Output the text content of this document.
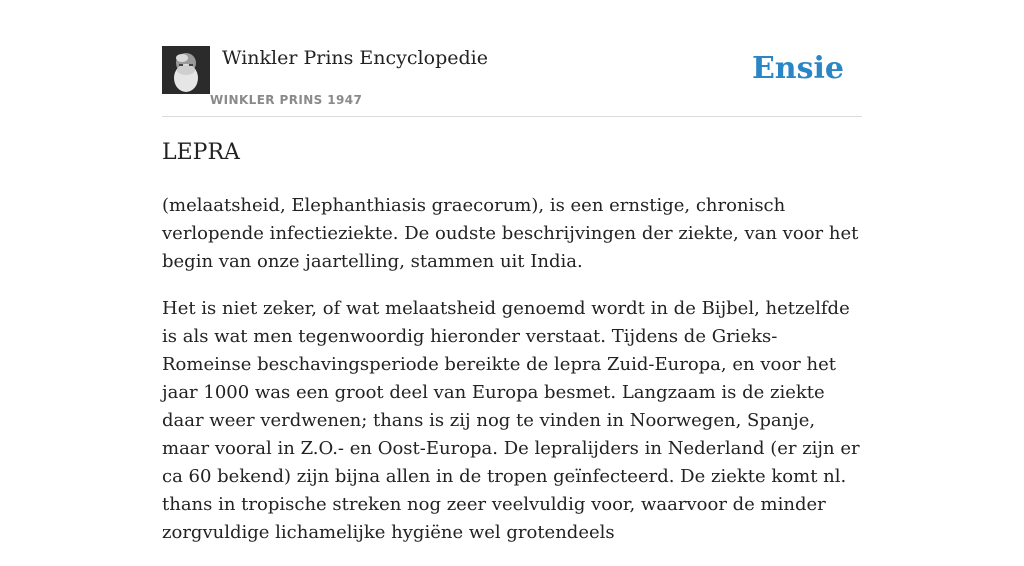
Winkler Prins Encyclopedie
WINKLER PRINS 1947
Ensie
LEPRA

(melaatsheid, Elephanthiasis graecorum), is een ernstige, chronisch verlopende infectieziekte. De oudste beschrijvingen der ziekte, van voor het begin van onze jaartelling, stammen uit India.

Het is niet zeker, of wat melaatsheid genoemd wordt in de Bijbel, hetzelfde is als wat men tegenwoordig hieronder verstaat. Tijdens de Grieks-Romeinse beschavingsperiode bereikte de lepra Zuid-Europa, en voor het jaar 1000 was een groot deel van Europa besmet. Langzaam is de ziekte daar weer verdwenen; thans is zij nog te vinden in Noorwegen, Spanje, maar vooral in Z.O.- en Oost-Europa. De lepralijders in Nederland (er zijn er ca 60 bekend) zijn bijna allen in de tropen geïnfecteerd. De ziekte komt nl. thans in tropische streken nog zeer veelvuldig voor, waarvoor de minder zorgvuldige lichamelijke hygiëne wel grotendeels
